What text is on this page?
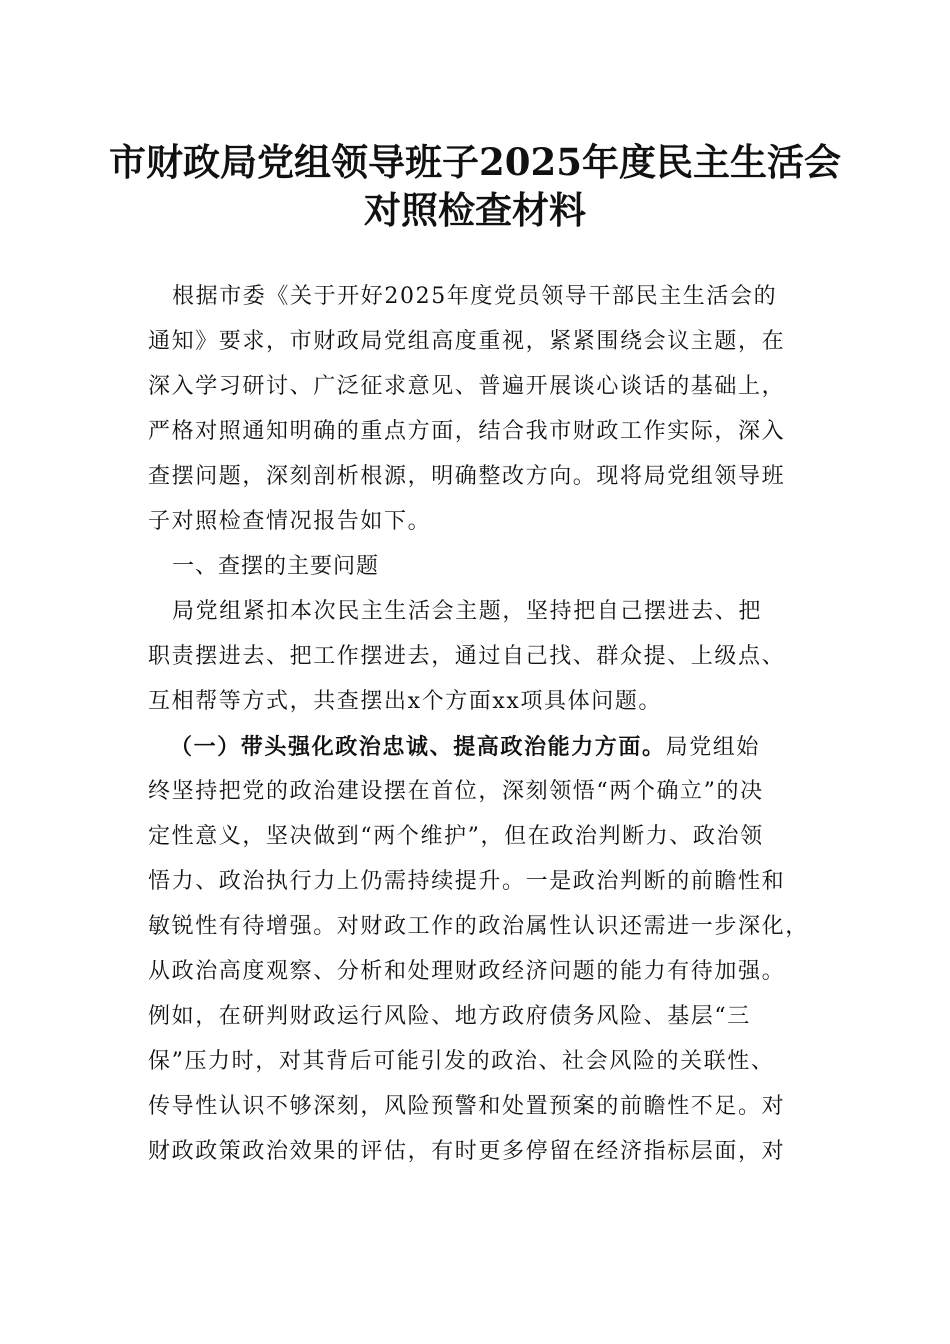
市财政局党组领导班子2025年度民主生活会
对照检查材料
根据市委《关于开好2025年度党员领导干部民主生活会的
通知》要求，市财政局党组高度重视，紧紧围绕会议主题，在
深入学习研讨、广泛征求意见、普遍开展谈心谈话的基础上，
严格对照通知明确的重点方面，结合我市财政工作实际，深入
查摆问题，深刻剖析根源，明确整改方向。现将局党组领导班
子对照检查情况报告如下。
一、查摆的主要问题
局党组紧扣本次民主生活会主题，坚持把自己摆进去、把
职责摆进去、把工作摆进去，通过自己找、群众提、上级点、
互相帮等方式，共查摆出x个方面xx项具体问题。
（一）带头强化政治忠诚、提高政治能力方面。局党组始
终坚持把党的政治建设摆在首位，深刻领悟“两个确立”的决
定性意义，坚决做到“两个维护”，但在政治判断力、政治领
悟力、政治执行力上仍需持续提升。一是政治判断的前瞻性和
敏锐性有待增强。对财政工作的政治属性认识还需进一步深化，
从政治高度观察、分析和处理财政经济问题的能力有待加强。
例如，在研判财政运行风险、地方政府债务风险、基层“三
保”压力时，对其背后可能引发的政治、社会风险的关联性、
传导性认识不够深刻，风险预警和处置预案的前瞻性不足。对
财政政策政治效果的评估，有时更多停留在经济指标层面，对
